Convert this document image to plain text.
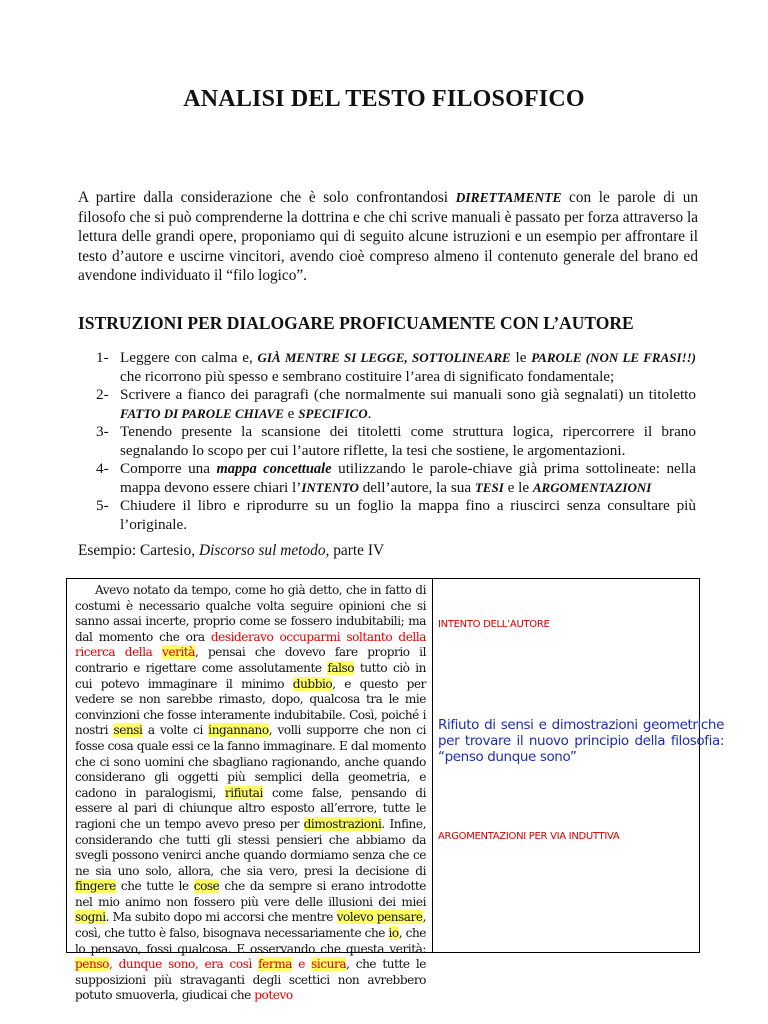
ANALISI DEL TESTO FILOSOFICO
A partire dalla considerazione che è solo confrontandosi DIRETTAMENTE con le parole di un filosofo che si può comprenderne la dottrina e che chi scrive manuali è passato per forza attraverso la lettura delle grandi opere, proponiamo qui di seguito alcune istruzioni e un esempio per affrontare il testo d’autore e uscirne vincitori, avendo cioè compreso almeno il contenuto generale del brano ed avendone individuato il “filo logico”.
ISTRUZIONI PER DIALOGARE PROFICUAMENTE CON L’AUTORE
1- Leggere con calma e, GIÀ MENTRE SI LEGGE, SOTTOLINEARE le PAROLE (NON LE FRASI!!) che ricorrono più spesso e sembrano costituire l’area di significato fondamentale;
2- Scrivere a fianco dei paragrafi (che normalmente sui manuali sono già segnalati) un titoletto FATTO DI PAROLE CHIAVE e SPECIFICO.
3- Tenendo presente la scansione dei titoletti come struttura logica, ripercorrere il brano segnalando lo scopo per cui l’autore riflette, la tesi che sostiene, le argomentazioni.
4- Comporre una mappa concettuale utilizzando le parole-chiave già prima sottolineate: nella mappa devono essere chiari l’INTENTO dell’autore, la sua TESI e le ARGOMENTAZIONI
5- Chiudere il libro e riprodurre su un foglio la mappa fino a riuscirci senza consultare più l’originale.
Esempio: Cartesio, Discorso sul metodo, parte IV

Avevo notato da tempo, come ho già detto, che in fatto di costumi è necessario qualche volta seguire opinioni che si sanno assai incerte, proprio come se fossero indubitabili; ma dal momento che ora desideravo occuparmi soltanto della ricerca della verità, pensai che dovevo fare proprio il contrario e rigettare come assolutamente falso tutto ciò in cui potevo immaginare il minimo dubbio, e questo per vedere se non sarebbe rimasto, dopo, qualcosa tra le mie convinzioni che fosse interamente indubitabile. Così, poiché i nostri sensi a volte ci ingannano, volli supporre che non ci fosse cosa quale essi ce la fanno immaginare. E dal momento che ci sono uomini che sbagliano ragionando, anche quando considerano gli oggetti più semplici della geometria, e cadono in paralogismi, rifiutai come false, pensando di essere al pari di chiunque altro esposto all’errore, tutte le ragioni che un tempo avevo preso per dimostrazioni. Infine, considerando che tutti gli stessi pensieri che abbiamo da svegli possono venirci anche quando dormiamo senza che ce ne sia uno solo, allora, che sia vero, presi la decisione di fingere che tutte le cose che da sempre si erano introdotte nel mio animo non fossero più vere delle illusioni dei miei sogni. Ma subito dopo mi accorsi che mentre volevo pensare, così, che tutto è falso, bisognava necessariamente che io, che lo pensavo, fossi qualcosa. E osservando che questa verità: penso, dunque sono, era così ferma e sicura, che tutte le supposizioni più stravaganti degli scettici non avrebbero potuto smuoverla, giudicai che potevo

INTENTO DELL’AUTORE
Rifiuto di sensi e dimostrazioni geometriche per trovare il nuovo principio della filosofia: “penso dunque sono”
ARGOMENTAZIONI PER VIA INDUTTIVA
